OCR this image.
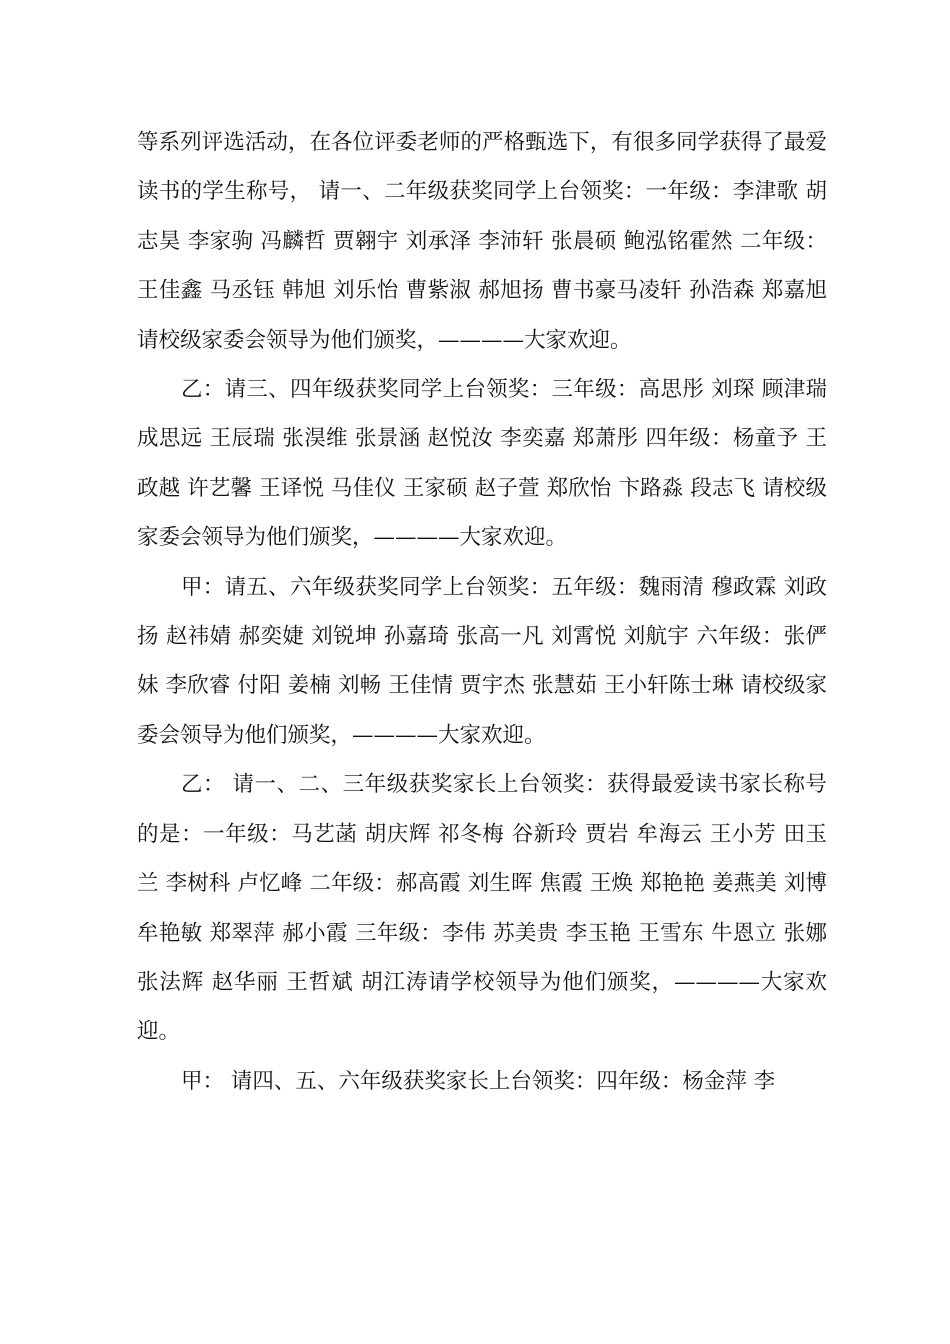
等系列评选活动，在各位评委老师的严格甄选下，有很多同学获得了最爱读书的学生称号， 请一、二年级获奖同学上台领奖：一年级：李津歌 胡志昊 李家驹 冯麟哲 贾翱宇 刘承泽 李沛轩 张晨硕 鲍泓铭霍然 二年级：王佳鑫 马丞钰 韩旭 刘乐怡 曹紫淑 郝旭扬 曹书豪马凌轩 孙浩森 郑嘉旭 请校级家委会领导为他们颁奖，————大家欢迎。

乙：请三、四年级获奖同学上台领奖：三年级：高思彤 刘琛 顾津瑞 成思远 王辰瑞 张淏维 张景涵 赵悦汝 李奕嘉 郑萧彤 四年级：杨童予 王政越 许艺馨 王译悦 马佳仪 王家硕 赵子萱 郑欣怡 卞路淼 段志飞 请校级家委会领导为他们颁奖，————大家欢迎。

甲：请五、六年级获奖同学上台领奖：五年级：魏雨清 穆政霖 刘政扬 赵祎婧 郝奕婕 刘锐坤 孙嘉琦 张高一凡 刘霄悦 刘航宇 六年级：张俨妹 李欣睿 付阳 姜楠 刘畅 王佳情 贾宇杰 张慧茹 王小轩陈士琳 请校级家委会领导为他们颁奖，————大家欢迎。

乙： 请一、二、三年级获奖家长上台领奖：获得最爱读书家长称号的是：一年级：马艺菡 胡庆辉 祁冬梅 谷新玲 贾岩 牟海云 王小芳 田玉兰 李树科 卢忆峰 二年级：郝高霞 刘生晖 焦霞 王焕 郑艳艳 姜燕美 刘博 牟艳敏 郑翠萍 郝小霞 三年级：李伟 苏美贵 李玉艳 王雪东 牛恩立 张娜 张法辉 赵华丽 王哲斌 胡江涛请学校领导为他们颁奖，————大家欢迎。

甲： 请四、五、六年级获奖家长上台领奖：四年级：杨金萍 李
